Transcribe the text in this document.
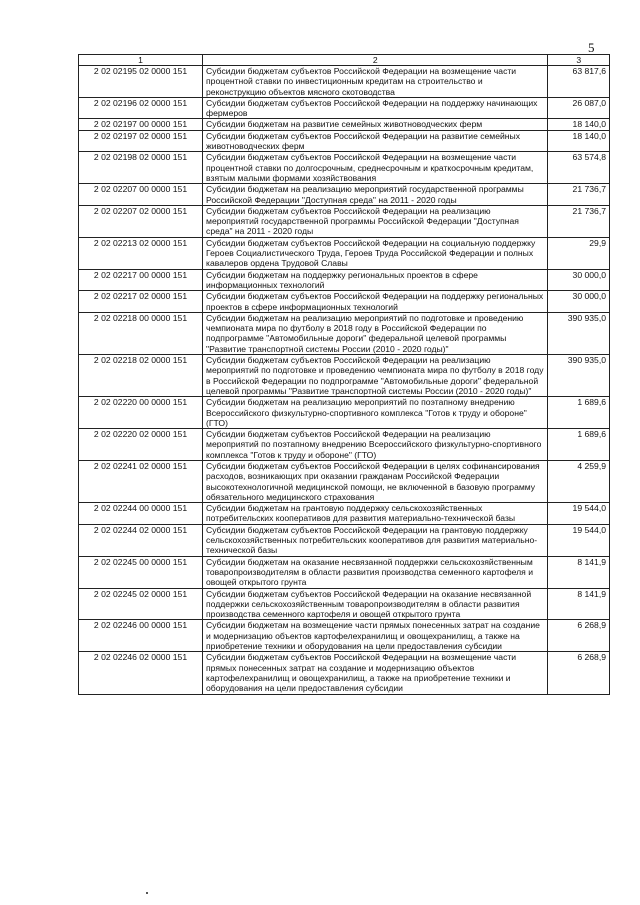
5
1	2	3
2 02 02195 02 0000 151	Субсидии бюджетам субъектов Российской Федерации на возмещение части процентной ставки по инвестиционным кредитам на строительство и реконструкцию объектов мясного скотоводства	63 817,6
2 02 02196 02 0000 151	Субсидии бюджетам субъектов Российской Федерации на поддержку начинающих фермеров	26 087,0
2 02 02197 00 0000 151	Субсидии бюджетам на развитие семейных животноводческих ферм	18 140,0
2 02 02197 02 0000 151	Субсидии бюджетам субъектов Российской Федерации на развитие семейных животноводческих ферм	18 140,0
2 02 02198 02 0000 151	Субсидии бюджетам субъектов Российской Федерации на возмещение части процентной ставки по долгосрочным, среднесрочным и краткосрочным кредитам, взятым малыми формами хозяйствования	63 574,8
2 02 02207 00 0000 151	Субсидии бюджетам на реализацию мероприятий государственной программы Российской Федерации "Доступная среда" на 2011 - 2020 годы	21 736,7
2 02 02207 02 0000 151	Субсидии бюджетам субъектов Российской Федерации на реализацию мероприятий государственной программы Российской Федерации "Доступная среда" на 2011 - 2020 годы	21 736,7
2 02 02213 02 0000 151	Субсидии бюджетам субъектов Российской Федерации на социальную поддержку Героев Социалистического Труда, Героев Труда Российской Федерации и полных кавалеров ордена Трудовой Славы	29,9
2 02 02217 00 0000 151	Субсидии бюджетам на поддержку региональных проектов в сфере информационных технологий	30 000,0
2 02 02217 02 0000 151	Субсидии бюджетам субъектов Российской Федерации на поддержку региональных проектов в сфере информационных технологий	30 000,0
2 02 02218 00 0000 151	Субсидии бюджетам на реализацию мероприятий по подготовке и проведению чемпионата мира по футболу в 2018 году в Российской Федерации по подпрограмме "Автомобильные дороги" федеральной целевой программы "Развитие транспортной системы России (2010 - 2020 годы)"	390 935,0
2 02 02218 02 0000 151	Субсидии бюджетам субъектов Российской Федерации на реализацию мероприятий по подготовке и проведению чемпионата мира по футболу в 2018 году в Российской Федерации по подпрограмме "Автомобильные дороги" федеральной целевой программы "Развитие транспортной системы России (2010 - 2020 годы)"	390 935,0
2 02 02220 00 0000 151	Субсидии бюджетам на реализацию мероприятий по поэтапному внедрению Всероссийского физкультурно-спортивного комплекса "Готов к труду и обороне" (ГТО)	1 689,6
2 02 02220 02 0000 151	Субсидии бюджетам субъектов Российской Федерации на реализацию мероприятий по поэтапному внедрению Всероссийского физкультурно-спортивного комплекса "Готов к труду и обороне" (ГТО)	1 689,6
2 02 02241 02 0000 151	Субсидии бюджетам субъектов Российской Федерации в целях софинансирования расходов, возникающих при оказании гражданам Российской Федерации высокотехнологичной медицинской помощи, не включенной в базовую программу обязательного медицинского страхования	4 259,9
2 02 02244 00 0000 151	Субсидии бюджетам на грантовую поддержку сельскохозяйственных потребительских кооперативов для развития материально-технической базы	19 544,0
2 02 02244 02 0000 151	Субсидии бюджетам субъектов Российской Федерации на грантовую поддержку сельскохозяйственных потребительских кооперативов для развития материально-технической базы	19 544,0
2 02 02245 00 0000 151	Субсидии бюджетам на оказание несвязанной поддержки сельскохозяйственным товаропроизводителям в области развития производства семенного картофеля и овощей открытого грунта	8 141,9
2 02 02245 02 0000 151	Субсидии бюджетам субъектов Российской Федерации на оказание несвязанной поддержки сельскохозяйственным товаропроизводителям в области развития производства семенного картофеля и овощей открытого грунта	8 141,9
2 02 02246 00 0000 151	Субсидии бюджетам на возмещение части прямых понесенных затрат на создание и модернизацию объектов картофелехранилищ и овощехранилищ, а также на приобретение техники и оборудования на цели предоставления субсидии	6 268,9
2 02 02246 02 0000 151	Субсидии бюджетам субъектов Российской Федерации на возмещение части прямых понесенных затрат на создание и модернизацию объектов картофелехранилищ и овощехранилищ, а также на приобретение техники и оборудования на цели предоставления субсидии	6 268,9
